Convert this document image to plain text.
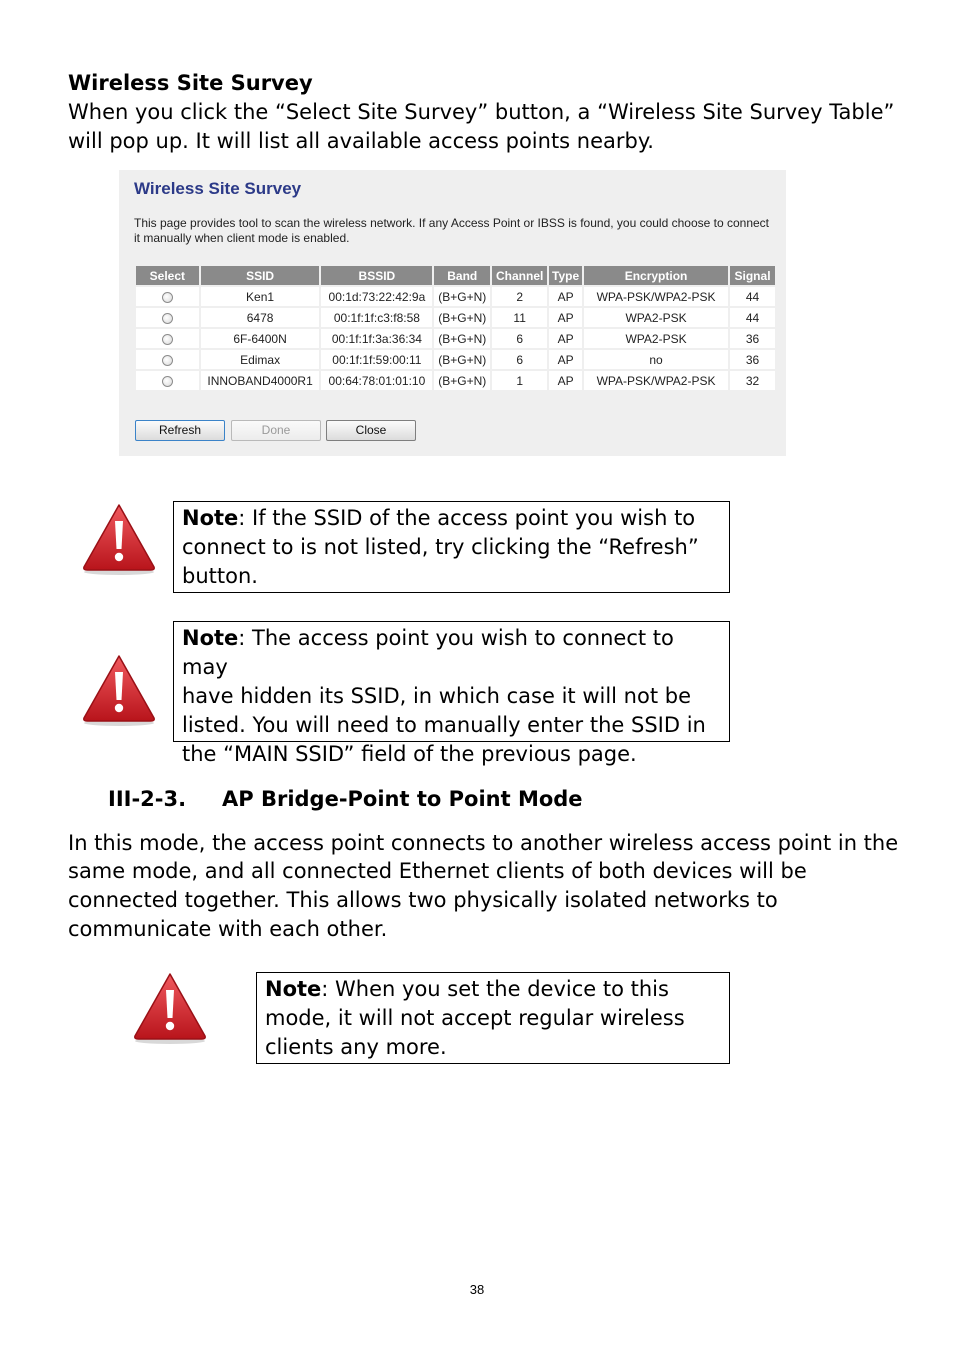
Wireless Site Survey
When you click the “Select Site Survey” button, a “Wireless Site Survey Table”
will pop up. It will list all available access points nearby.
Wireless Site Survey
This page provides tool to scan the wireless network. If any Access Point or IBSS is found, you could choose to connect
it manually when client mode is enabled.
Select	SSID	BSSID	Band	Channel	Type	Encryption	Signal
	Ken1	00:1d:73:22:42:9a	(B+G+N)	2	AP	WPA-PSK/WPA2-PSK	44
	6478	00:1f:1f:c3:f8:58	(B+G+N)	11	AP	WPA2-PSK	44
	6F-6400N	00:1f:1f:3a:36:34	(B+G+N)	6	AP	WPA2-PSK	36
	Edimax	00:1f:1f:59:00:11	(B+G+N)	6	AP	no	36
	INNOBAND4000R1	00:64:78:01:01:10	(B+G+N)	1	AP	WPA-PSK/WPA2-PSK	32
Refresh	Done	Close
Note: If the SSID of the access point you wish to
connect to is not listed, try clicking the “Refresh”
button.
Note: The access point you wish to connect to may
have hidden its SSID, in which case it will not be
listed. You will need to manually enter the SSID in
the “MAIN SSID” field of the previous page.
III-2-3. AP Bridge-Point to Point Mode
In this mode, the access point connects to another wireless access point in the
same mode, and all connected Ethernet clients of both devices will be
connected together. This allows two physically isolated networks to
communicate with each other.
Note: When you set the device to this
mode, it will not accept regular wireless
clients any more.
38
